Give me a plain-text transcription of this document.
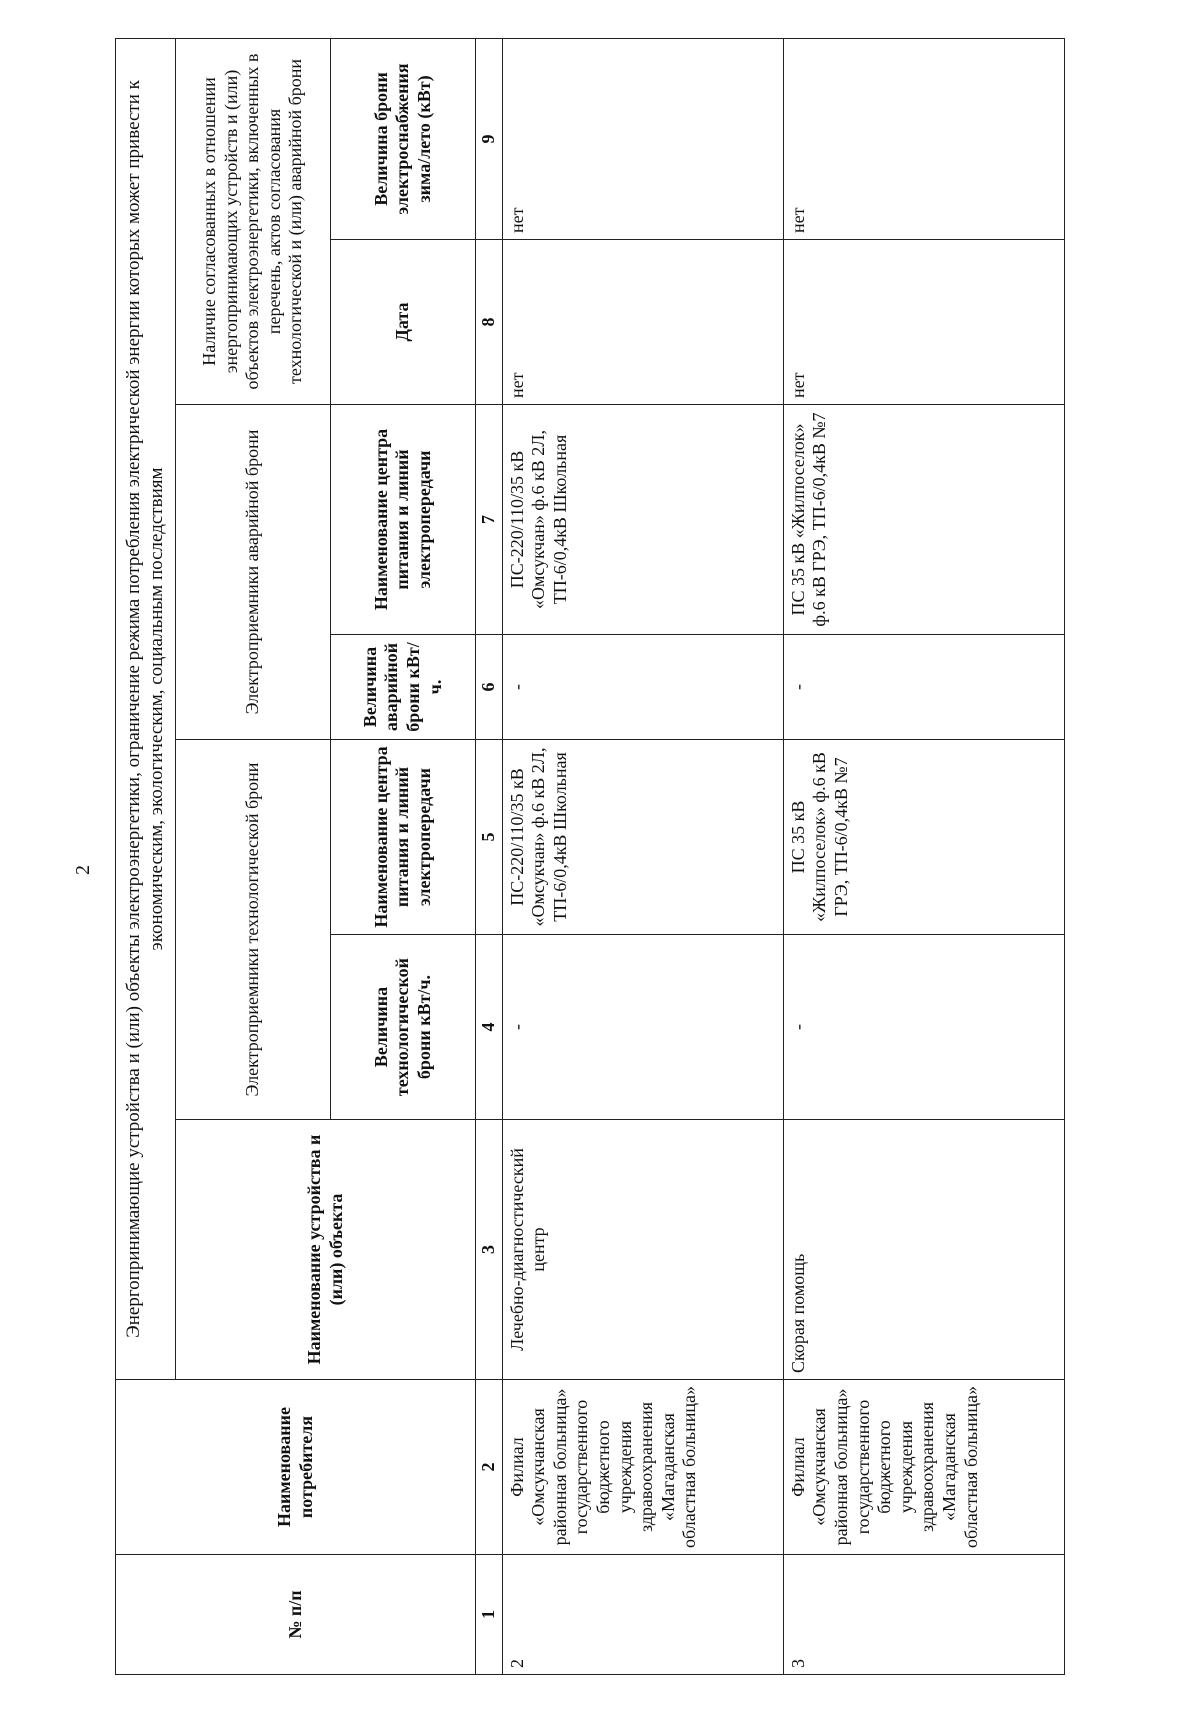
2
№ п/п	Наименование потребителя	Энергопринимающие устройства и (или) объекты электроэнергетики, ограничение режима потребления электрической энергии которых может привести к экономическим, экологическим, социальным последствиям						
		Наименование устройства и (или) объекта	Электроприемники технологической брони		Электроприемники аварийной брони		Наличие согласованных в отношении энергопринимающих устройств и (или) объектов электроэнергетики, включенных в перечень, актов согласования технологической и (или) аварийной брони	
			Величина технологической брони кВт/ч.	Наименование центра питания и линий электропередачи	Величина аварийной брони кВт/ч.	Наименование центра питания и линий электропередачи	Дата	Величина брони электроснабжения зима/лето (кВт)
1	2	3	4	5	6	7	8	9
2	Филиал «Омсукчанская районная больница» государственного бюджетного учреждения здравоохранения «Магаданская областная больница»	Лечебно-диагностический центр	-	ПС-220/110/35 кВ «Омсукчан» ф.6 кВ 2Л, ТП-6/0,4кВ Школьная	-	ПС-220/110/35 кВ «Омсукчан» ф.6 кВ 2Л, ТП-6/0,4кВ Школьная	нет	нет
3	Филиал «Омсукчанская районная больница» государственного бюджетного учреждения здравоохранения «Магаданская областная больница»	Скорая помощь	-	ПС 35 кВ «Жилпоселок» ф.6 кВ ГРЭ, ТП-6/0,4кВ №7	-	ПС 35 кВ «Жилпоселок» ф.6 кВ ГРЭ, ТП-6/0,4кВ №7	нет	нет
